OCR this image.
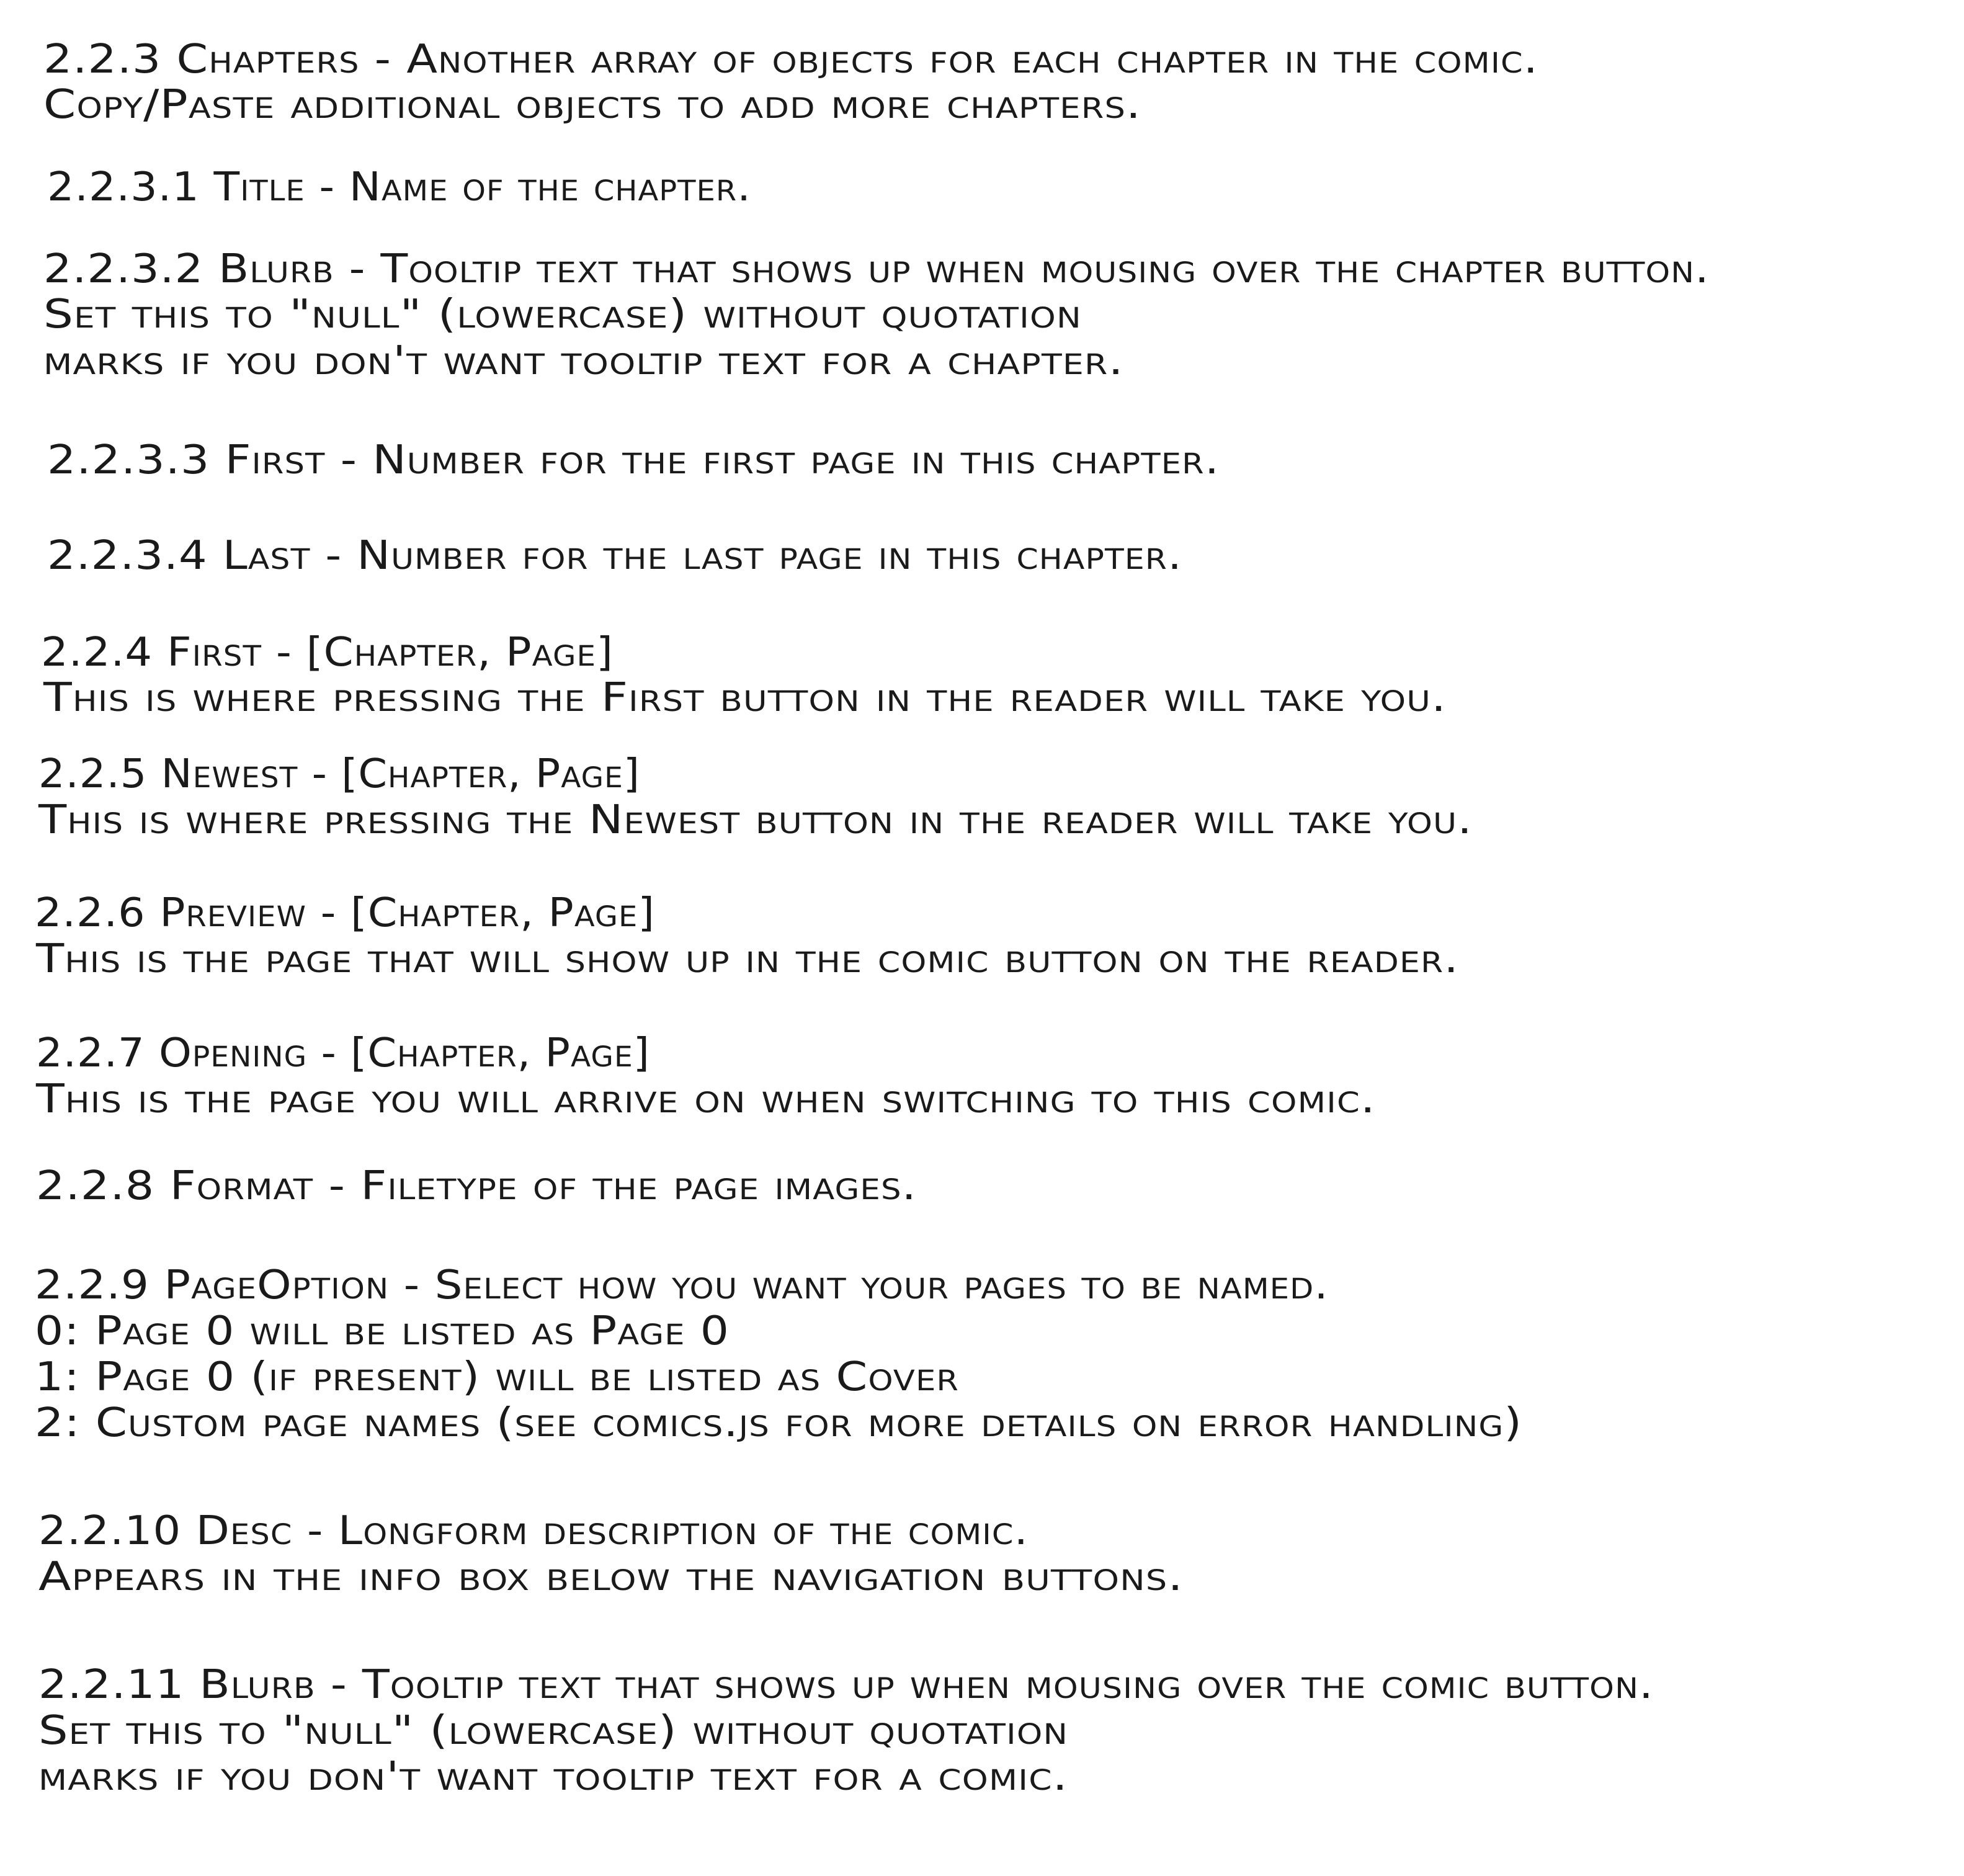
2.2.3 Chapters - Another array of objects for each chapter in the comic.
Copy/Paste additional objects to add more chapters.
2.2.3.1 Title - Name of the chapter.
2.2.3.2 Blurb - Tooltip text that shows up when mousing over the chapter button.
Set this to "null" (lowercase) without quotation
marks if you don't want tooltip text for a chapter.
2.2.3.3 First - Number for the first page in this chapter.
2.2.3.4 Last - Number for the last page in this chapter.
2.2.4 First - [Chapter, Page]
This is where pressing the First button in the reader will take you.
2.2.5 Newest - [Chapter, Page]
This is where pressing the Newest button in the reader will take you.
2.2.6 Preview - [Chapter, Page]
This is the page that will show up in the comic button on the reader.
2.2.7 Opening - [Chapter, Page]
This is the page you will arrive on when switching to this comic.
2.2.8 Format - Filetype of the page images.
2.2.9 PageOption - Select how you want your pages to be named.
0: Page 0 will be listed as Page 0
1: Page 0 (if present) will be listed as Cover
2: Custom page names (see comics.js for more details on error handling)
2.2.10 Desc - Longform description of the comic.
Appears in the info box below the navigation buttons.
2.2.11 Blurb - Tooltip text that shows up when mousing over the comic button.
Set this to "null" (lowercase) without quotation
marks if you don't want tooltip text for a comic.
